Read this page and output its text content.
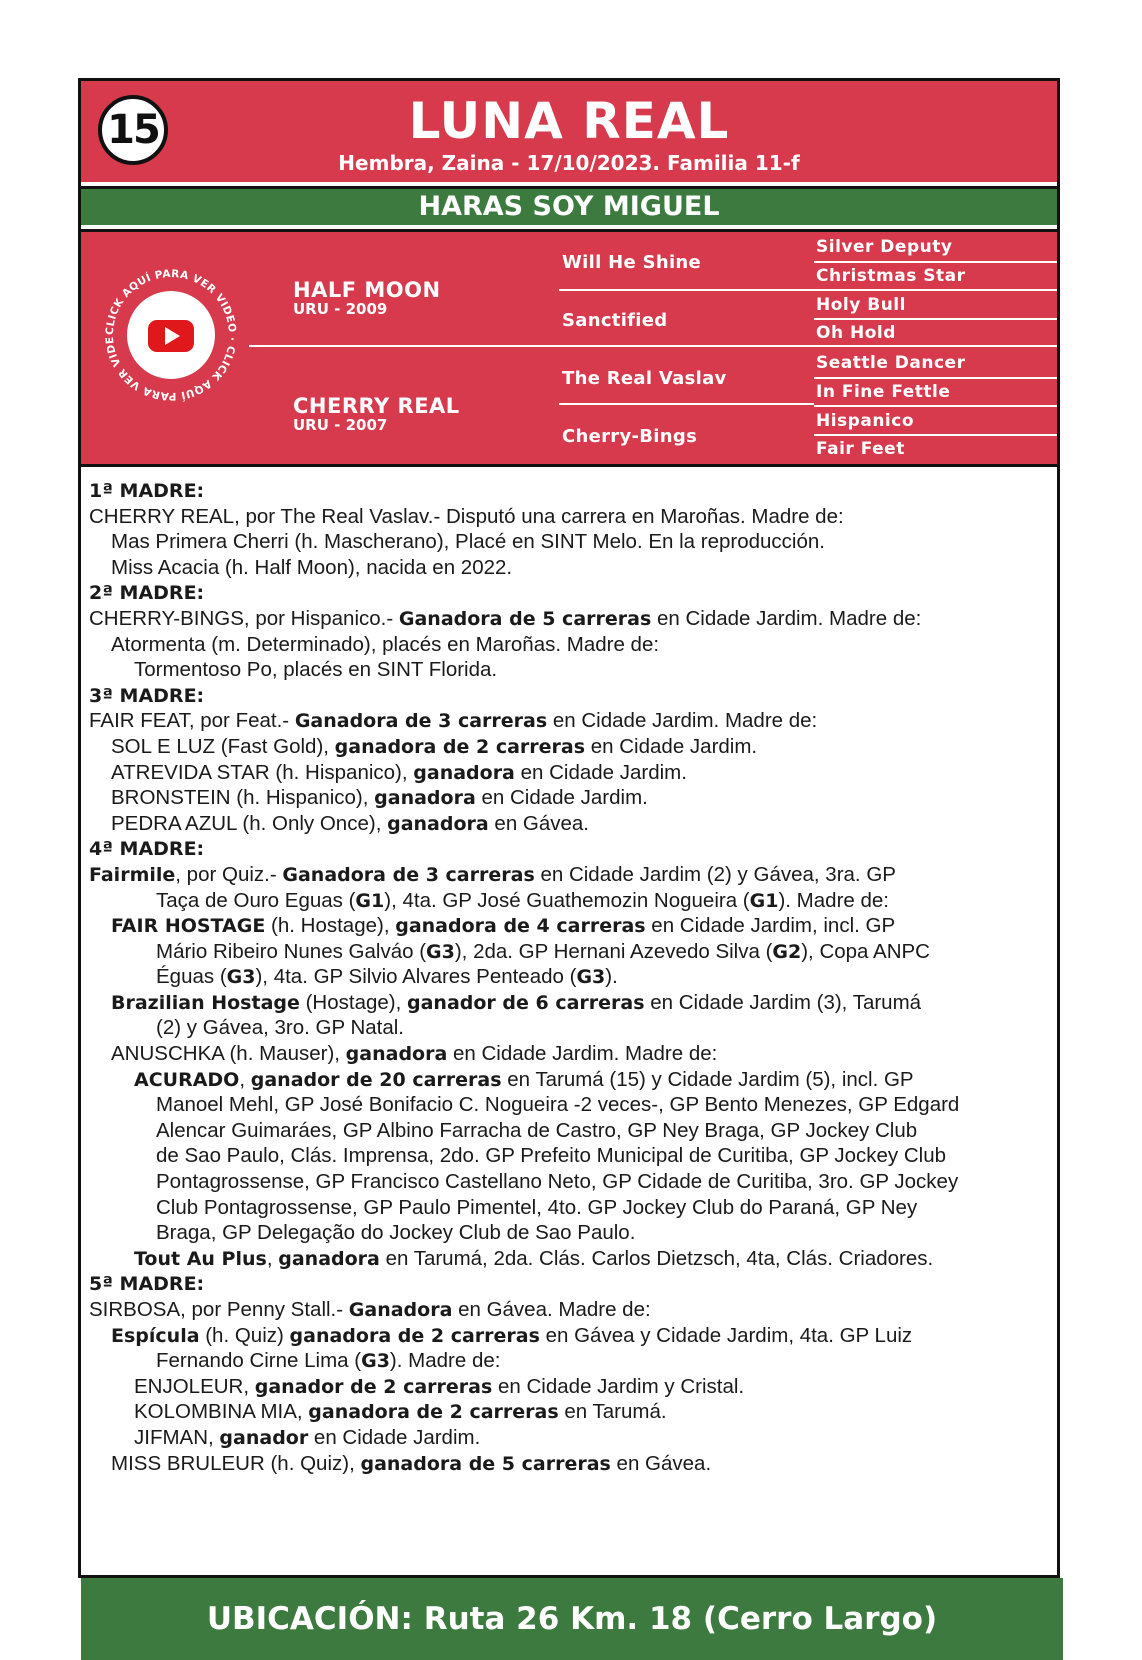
15	LUNA REAL
Hembra, Zaina - 17/10/2023. Familia 11-f
HARAS SOY MIGUEL
CLICK AQUÍ PARA VER VIDEO · CLICK AQUÍ PARA VER VIDE
HALF MOON
URU - 2009
CHERRY REAL
URU - 2007
Will He Shine
Sanctified
The Real Vaslav
Cherry-Bings
Silver Deputy
Christmas Star
Holy Bull
Oh Hold
Seattle Dancer
In Fine Fettle
Hispanico
Fair Feet
1ª MADRE:
CHERRY REAL, por The Real Vaslav.- Disputó una carrera en Maroñas. Madre de:
Mas Primera Cherri (h. Mascherano), Placé en SINT Melo. En la reproducción.
Miss Acacia (h. Half Moon), nacida en 2022.
2ª MADRE:
CHERRY-BINGS, por Hispanico.- Ganadora de 5 carreras en Cidade Jardim. Madre de:
Atormenta (m. Determinado), placés en Maroñas. Madre de:
Tormentoso Po, placés en SINT Florida.
3ª MADRE:
FAIR FEAT, por Feat.- Ganadora de 3 carreras en Cidade Jardim. Madre de:
SOL E LUZ (Fast Gold), ganadora de 2 carreras en Cidade Jardim.
ATREVIDA STAR (h. Hispanico), ganadora en Cidade Jardim.
BRONSTEIN (h. Hispanico), ganadora en Cidade Jardim.
PEDRA AZUL (h. Only Once), ganadora en Gávea.
4ª MADRE:
Fairmile, por Quiz.- Ganadora de 3 carreras en Cidade Jardim (2) y Gávea, 3ra. GP
Taça de Ouro Eguas (G1), 4ta. GP José Guathemozin Nogueira (G1). Madre de:
FAIR HOSTAGE (h. Hostage), ganadora de 4 carreras en Cidade Jardim, incl. GP
Mário Ribeiro Nunes Galváo (G3), 2da. GP Hernani Azevedo Silva (G2), Copa ANPC
Éguas (G3), 4ta. GP Silvio Alvares Penteado (G3).
Brazilian Hostage (Hostage), ganador de 6 carreras en Cidade Jardim (3), Tarumá
(2) y Gávea, 3ro. GP Natal.
ANUSCHKA (h. Mauser), ganadora en Cidade Jardim. Madre de:
ACURADO, ganador de 20 carreras en Tarumá (15) y Cidade Jardim (5), incl. GP
Manoel Mehl, GP José Bonifacio C. Nogueira -2 veces-, GP Bento Menezes, GP Edgard
Alencar Guimaráes, GP Albino Farracha de Castro, GP Ney Braga, GP Jockey Club
de Sao Paulo, Clás. Imprensa, 2do. GP Prefeito Municipal de Curitiba, GP Jockey Club
Pontagrossense, GP Francisco Castellano Neto, GP Cidade de Curitiba, 3ro. GP Jockey
Club Pontagrossense, GP Paulo Pimentel, 4to. GP Jockey Club do Paraná, GP Ney
Braga, GP Delegação do Jockey Club de Sao Paulo.
Tout Au Plus, ganadora en Tarumá, 2da. Clás. Carlos Dietzsch, 4ta, Clás. Criadores.
5ª MADRE:
SIRBOSA, por Penny Stall.- Ganadora en Gávea. Madre de:
Espícula (h. Quiz) ganadora de 2 carreras en Gávea y Cidade Jardim, 4ta. GP Luiz
Fernando Cirne Lima (G3). Madre de:
ENJOLEUR, ganador de 2 carreras en Cidade Jardim y Cristal.
KOLOMBINA MIA, ganadora de 2 carreras en Tarumá.
JIFMAN, ganador en Cidade Jardim.
MISS BRULEUR (h. Quiz), ganadora de 5 carreras en Gávea.
UBICACIÓN: Ruta 26 Km. 18 (Cerro Largo)
